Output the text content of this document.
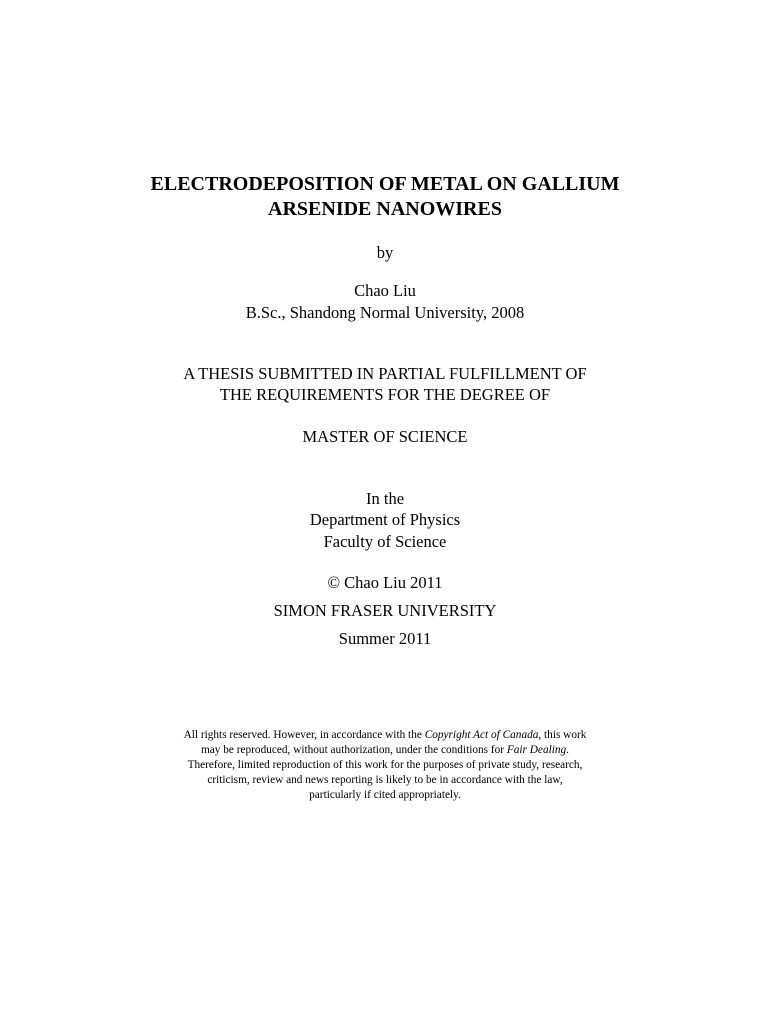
ELECTRODEPOSITION OF METAL ON GALLIUM
ARSENIDE NANOWIRES
by
Chao Liu
B.Sc., Shandong Normal University, 2008
A THESIS SUBMITTED IN PARTIAL FULFILLMENT OF
THE REQUIREMENTS FOR THE DEGREE OF
MASTER OF SCIENCE
In the
Department of Physics
Faculty of Science
© Chao Liu 2011
SIMON FRASER UNIVERSITY
Summer 2011
All rights reserved. However, in accordance with the Copyright Act of Canada, this work
may be reproduced, without authorization, under the conditions for Fair Dealing.
Therefore, limited reproduction of this work for the purposes of private study, research,
criticism, review and news reporting is likely to be in accordance with the law,
particularly if cited appropriately.
